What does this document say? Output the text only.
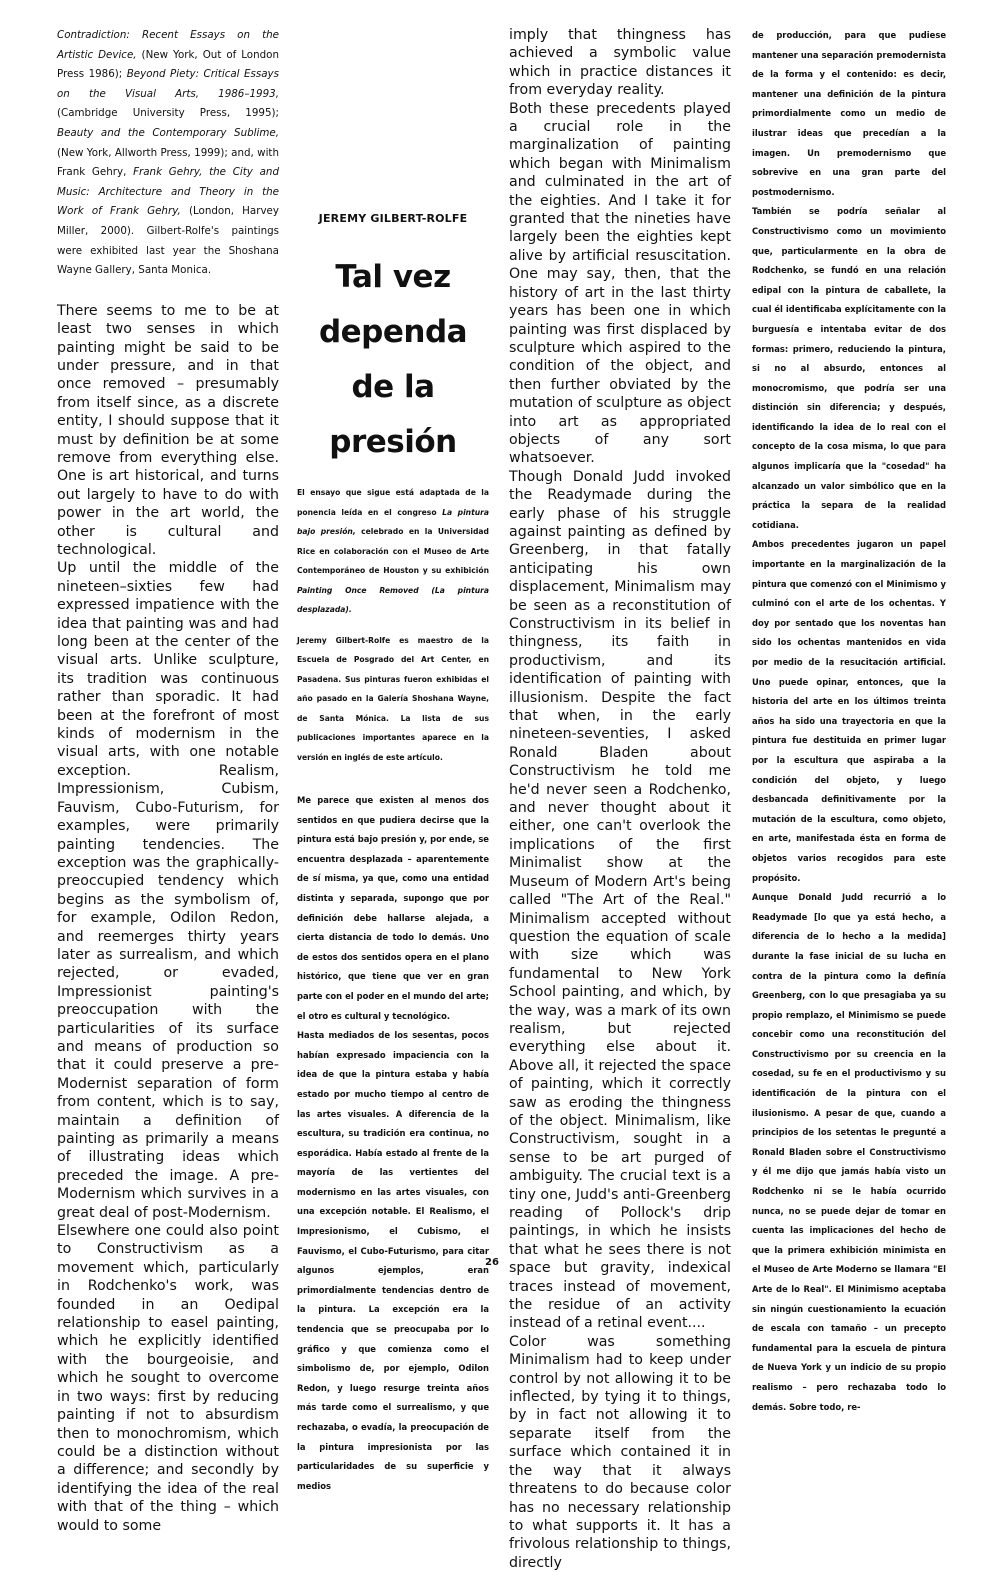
Contradiction: Recent Essays on the Artistic Device, (New York, Out of London Press 1986); Beyond Piety: Critical Essays on the Visual Arts, 1986–1993, (Cambridge University Press, 1995); Beauty and the Contemporary Sublime, (New York, Allworth Press, 1999); and, with Frank Gehry, Frank Gehry, the City and Music: Architecture and Theory in the Work of Frank Gehry, (London, Harvey Miller, 2000). Gilbert-Rolfe's paintings were exhibited last year the Shoshana Wayne Gallery, Santa Monica.

There seems to me to be at least two senses in which painting might be said to be under pressure, and in that once removed – presumably from itself since, as a discrete entity, I should suppose that it must by definition be at some remove from everything else. One is art historical, and turns out largely to have to do with power in the art world, the other is cultural and technological.

Up until the middle of the nineteen–sixties few had expressed impatience with the idea that painting was and had long been at the center of the visual arts. Unlike sculpture, its tradition was continuous rather than sporadic. It had been at the forefront of most kinds of modernism in the visual arts, with one notable exception. Realism, Impressionism, Cubism, Fauvism, Cubo-Futurism, for examples, were primarily painting tendencies. The exception was the graphically-preoccupied tendency which begins as the symbolism of, for example, Odilon Redon, and reemerges thirty years later as surrealism, and which rejected, or evaded, Impressionist painting's preoccupation with the particularities of its surface and means of production so that it could preserve a pre-Modernist separation of form from content, which is to say, maintain a definition of painting as primarily a means of illustrating ideas which preceded the image. A pre-Modernism which survives in a great deal of post-Modernism.

Elsewhere one could also point to Constructivism as a movement which, particularly in Rodchenko's work, was founded in an Oedipal relationship to easel painting, which he explicitly identified with the bourgeoisie, and which he sought to overcome in two ways: first by reducing painting if not to absurdism then to monochromism, which could be a distinction without a difference; and secondly by identifying the idea of the real with that of the thing – which would to some

JEREMY GILBERT-ROLFE
Tal vez dependa
de la presión

El ensayo que sigue está adaptada de la ponencia leída en el congreso La pintura bajo presión, celebrado en la Universidad Rice en colaboración con el Museo de Arte Contemporáneo de Houston y su exhibición Painting Once Removed (La pintura desplazada).

Jeremy Gilbert-Rolfe es maestro de la Escuela de Posgrado del Art Center, en Pasadena. Sus pinturas fueron exhibidas el año pasado en la Galería Shoshana Wayne, de Santa Mónica. La lista de sus publicaciones importantes aparece en la versión en inglés de este artículo.

Me parece que existen al menos dos sentidos en que pudiera decirse que la pintura está bajo presión y, por ende, se encuentra desplazada – aparentemente de sí misma, ya que, como una entidad distinta y separada, supongo que por definición debe hallarse alejada, a cierta distancia de todo lo demás. Uno de estos dos sentidos opera en el plano histórico, que tiene que ver en gran parte con el poder en el mundo del arte; el otro es cultural y tecnológico.

Hasta mediados de los sesentas, pocos habían expresado impaciencia con la idea de que la pintura estaba y había estado por mucho tiempo al centro de las artes visuales. A diferencia de la escultura, su tradición era continua, no esporádica. Había estado al frente de la mayoría de las vertientes del modernismo en las artes visuales, con una excepción notable. El Realismo, el Impresionismo, el Cubismo, el Fauvismo, el Cubo-Futurismo, para citar algunos ejemplos, eran primordialmente tendencias dentro de la pintura. La excepción era la tendencia que se preocupaba por lo gráfico y que comienza como el simbolismo de, por ejemplo, Odilon Redon, y luego resurge treinta años más tarde como el surrealismo, y que rechazaba, o evadía, la preocupación de la pintura impresionista por las particularidades de su superficie y medios

imply that thingness has achieved a symbolic value which in practice distances it from everyday reality.

Both these precedents played a crucial role in the marginalization of painting which began with Minimalism and culminated in the art of the eighties. And I take it for granted that the nineties have largely been the eighties kept alive by artificial resuscitation. One may say, then, that the history of art in the last thirty years has been one in which painting was first displaced by sculpture which aspired to the condition of the object, and then further obviated by the mutation of sculpture as object into art as appropriated objects of any sort whatsoever.

Though Donald Judd invoked the Readymade during the early phase of his struggle against painting as defined by Greenberg, in that fatally anticipating his own displacement, Minimalism may be seen as a reconstitution of Constructivism in its belief in thingness, its faith in productivism, and its identification of painting with illusionism. Despite the fact that when, in the early nineteen-seventies, I asked Ronald Bladen about Constructivism he told me he'd never seen a Rodchenko, and never thought about it either, one can't overlook the implications of the first Minimalist show at the Museum of Modern Art's being called "The Art of the Real." Minimalism accepted without question the equation of scale with size which was fundamental to New York School painting, and which, by the way, was a mark of its own realism, but rejected everything else about it. Above all, it rejected the space of painting, which it correctly saw as eroding the thingness of the object. Minimalism, like Constructivism, sought in a sense to be art purged of ambiguity. The crucial text is a tiny one, Judd's anti-Greenberg reading of Pollock's drip paintings, in which he insists that what he sees there is not space but gravity, indexical traces instead of movement, the residue of an activity instead of a retinal event....

Color was something Minimalism had to keep under control by not allowing it to be inflected, by tying it to things, by in fact not allowing it to separate itself from the surface which contained it in the way that it always threatens to do because color has no necessary relationship to what supports it. It has a frivolous relationship to things, directly

de producción, para que pudiese mantener una separación premodernista de la forma y el contenido: es decir, mantener una definición de la pintura primordialmente como un medio de ilustrar ideas que precedían a la imagen. Un premodernismo que sobrevive en una gran parte del postmodernismo.

También se podría señalar al Constructivismo como un movimiento que, particularmente en la obra de Rodchenko, se fundó en una relación edipal con la pintura de caballete, la cual él identificaba explícitamente con la burguesía e intentaba evitar de dos formas: primero, reduciendo la pintura, si no al absurdo, entonces al monocromismo, que podría ser una distinción sin diferencia; y después, identificando la idea de lo real con el concepto de la cosa misma, lo que para algunos implicaría que la "cosedad" ha alcanzado un valor simbólico que en la práctica la separa de la realidad cotidiana.

Ambos precedentes jugaron un papel importante en la marginalización de la pintura que comenzó con el Minimismo y culminó con el arte de los ochentas. Y doy por sentado que los noventas han sido los ochentas mantenidos en vida por medio de la resucitación artificial. Uno puede opinar, entonces, que la historia del arte en los últimos treinta años ha sido una trayectoria en que la pintura fue destituida en primer lugar por la escultura que aspiraba a la condición del objeto, y luego desbancada definitivamente por la mutación de la escultura, como objeto, en arte, manifestada ésta en forma de objetos varios recogidos para este propósito.

Aunque Donald Judd recurrió a lo Readymade [lo que ya está hecho, a diferencia de lo hecho a la medida] durante la fase inicial de su lucha en contra de la pintura como la definía Greenberg, con lo que presagiaba ya su propio remplazo, el Minimismo se puede concebir como una reconstitución del Constructivismo por su creencia en la cosedad, su fe en el productivismo y su identificación de la pintura con el ilusionismo. A pesar de que, cuando a principios de los setentas le pregunté a Ronald Bladen sobre el Constructivismo y él me dijo que jamás había visto un Rodchenko ni se le había ocurrido nunca, no se puede dejar de tomar en cuenta las implicaciones del hecho de que la primera exhibición minimista en el Museo de Arte Moderno se llamara "El Arte de lo Real". El Minimismo aceptaba sin ningún cuestionamiento la ecuación de escala con tamaño – un precepto fundamental para la escuela de pintura de Nueva York y un indicio de su propio realismo – pero rechazaba todo lo demás. Sobre todo, re-

26
